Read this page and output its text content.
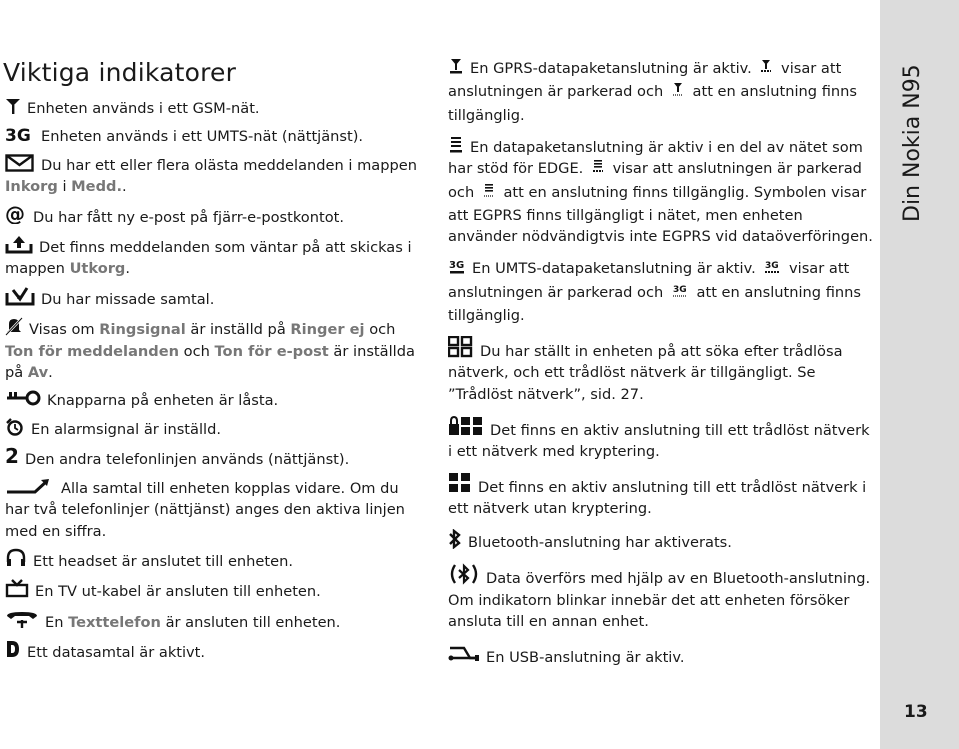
Viktiga indikatorer
Enheten används i ett GSM-nät.
3G Enheten används i ett UMTS-nät (nättjänst).
Du har ett eller flera olästa meddelanden i mappen Inkorg i Medd..
@ Du har fått ny e-post på fjärr-e-postkontot.
Det finns meddelanden som väntar på att skickas i mappen Utkorg.
Du har missade samtal.
Visas om Ringsignal är inställd på Ringer ej och Ton för meddelanden och Ton för e-post är inställda på Av.
Knapparna på enheten är låsta.
En alarmsignal är inställd.
2 Den andra telefonlinjen används (nättjänst).
Alla samtal till enheten kopplas vidare. Om du har två telefonlinjer (nättjänst) anges den aktiva linjen med en siffra.
Ett headset är anslutet till enheten.
En TV ut-kabel är ansluten till enheten.
En Texttelefon är ansluten till enheten.
Ett datasamtal är aktivt.
En GPRS-datapaketanslutning är aktiv.  visar att anslutningen är parkerad och  att en anslutning finns tillgänglig.
En datapaketanslutning är aktiv i en del av nätet som har stöd för EDGE.  visar att anslutningen är parkerad och  att en anslutning finns tillgänglig. Symbolen visar att EGPRS finns tillgängligt i nätet, men enheten använder nödvändigtvis inte EGPRS vid dataöverföringen.
3G En UMTS-datapaketanslutning är aktiv. 3G visar att anslutningen är parkerad och 3G att en anslutning finns tillgänglig.
Du har ställt in enheten på att söka efter trådlösa nätverk, och ett trådlöst nätverk är tillgängligt. Se ”Trådlöst nätverk”, sid. 27.
Det finns en aktiv anslutning till ett trådlöst nätverk i ett nätverk med kryptering.
Det finns en aktiv anslutning till ett trådlöst nätverk i ett nätverk utan kryptering.
Bluetooth-anslutning har aktiverats.
Data överförs med hjälp av en Bluetooth-anslutning. Om indikatorn blinkar innebär det att enheten försöker ansluta till en annan enhet.
En USB-anslutning är aktiv.
Din Nokia N95
13
